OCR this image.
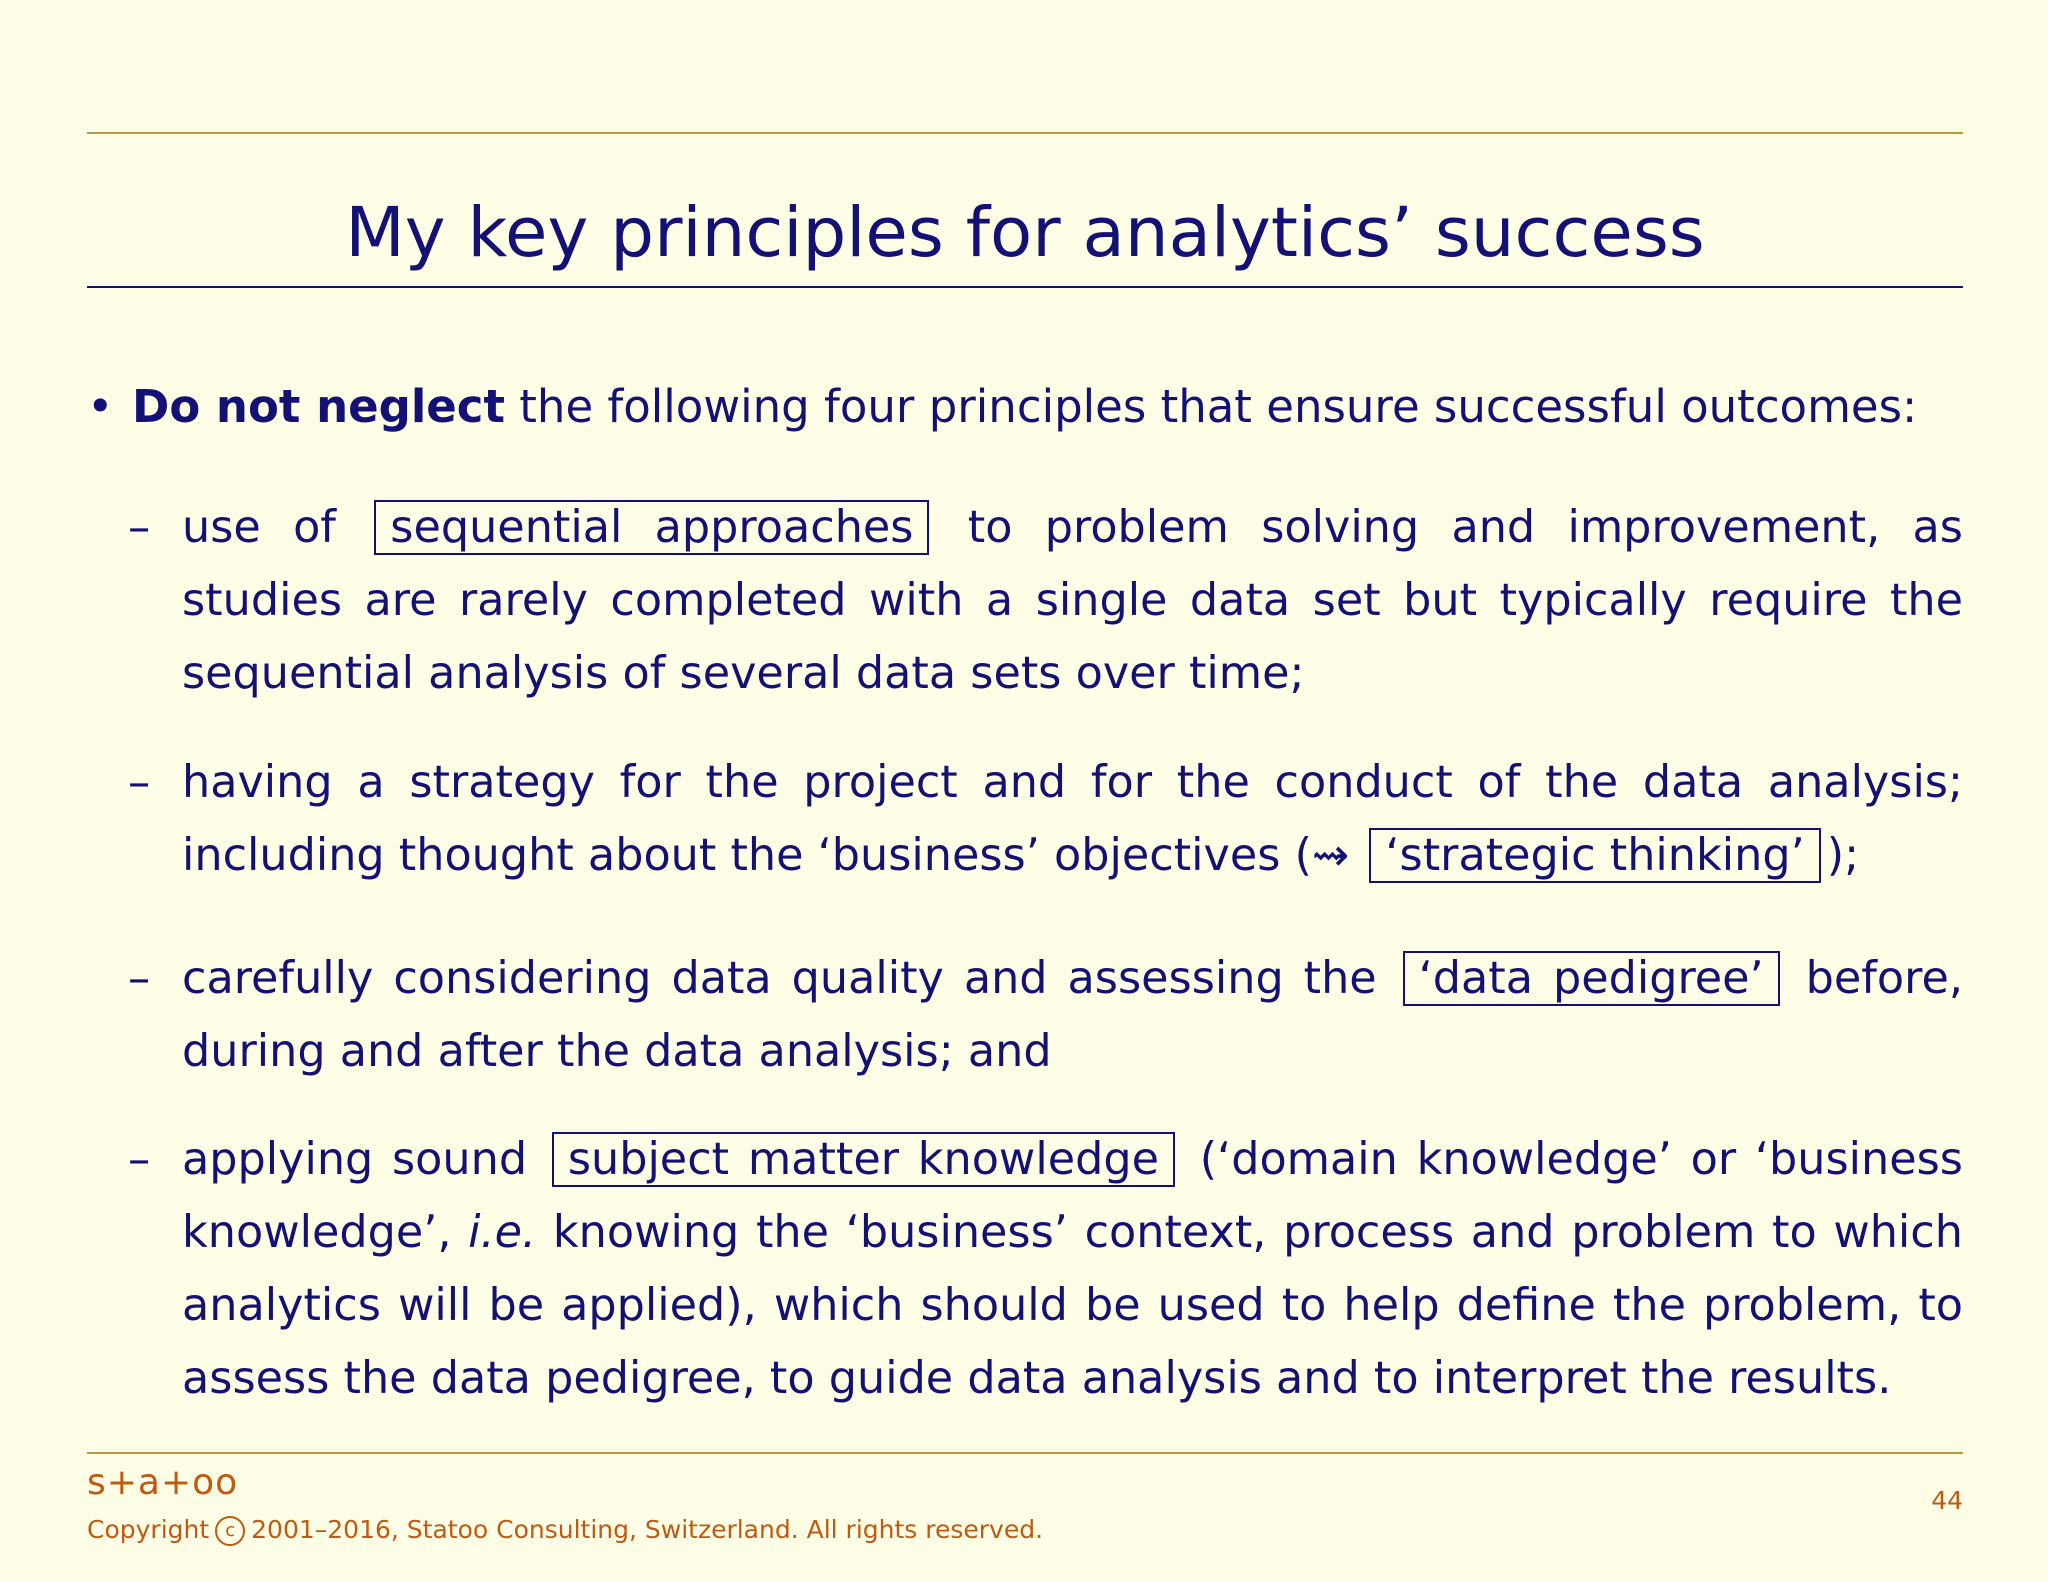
My key principles for analytics’ success
• Do not neglect the following four principles that ensure successful outcomes:
– use of sequential approaches to problem solving and improvement, as studies are rarely completed with a single data set but typically require the sequential analysis of several data sets over time;
– having a strategy for the project and for the conduct of the data analysis; including thought about the ‘business’ objectives (⇝ ‘strategic thinking’ );
– carefully considering data quality and assessing the ‘data pedigree’ before, during and after the data analysis; and
– applying sound subject matter knowledge (‘domain knowledge’ or ‘business knowledge’, i.e. knowing the ‘business’ context, process and problem to which analytics will be applied), which should be used to help define the problem, to assess the data pedigree, to guide data analysis and to interpret the results.
s+a+oo
Copyright c 2001–2016, Statoo Consulting, Switzerland. All rights reserved.
44
